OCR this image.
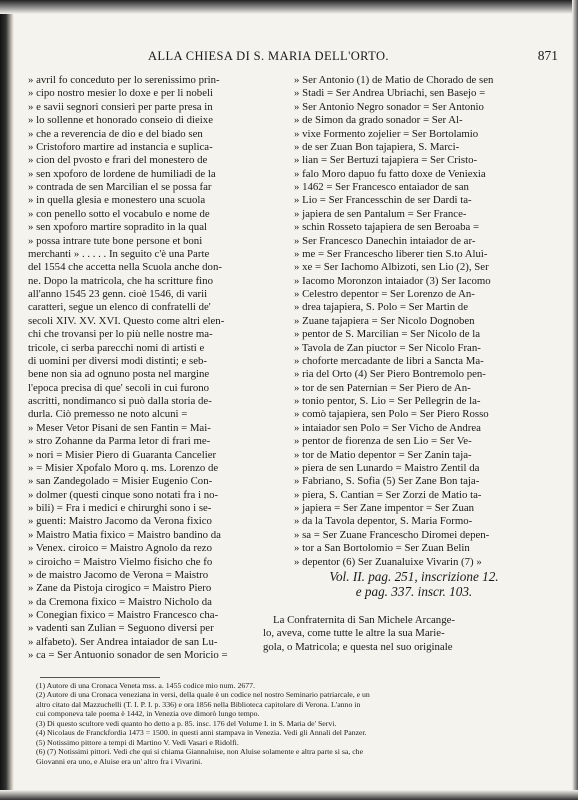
ALLA CHIESA DI S. MARIA DELL'ORTO.	871
» avril fo conceduto per lo serenissimo prin-
» cipo nostro mesier lo doxe e per li nobeli
» e savii segnori consieri per parte presa in
» lo sollenne et honorado conseio di dieixe
» che a reverencia de dio e del biado sen
» Cristoforo martire ad instancia e suplica-
» cion del pvosto e frari del monestero de
» sen xpoforo de lordene de humiliadi de la
» contrada de sen Marcilian el se possa far
» in quella glesia e monestero una scuola
» con penello sotto el vocabulo e nome de
» sen xpoforo martire sopradito in la qual
» possa intrare tute bone persone et boni
merchanti » . . . . . In seguito c'è una Parte
del 1554 che accetta nella Scuola anche don-
ne. Dopo la matricola, che ha scritture fino
all'anno 1545 23 genn. cioè 1546, di varii
caratteri, segue un elenco di confratelli de'
secoli XIV. XV. XVI. Questo come altri elen-
chi che trovansi per lo più nelle nostre ma-
tricole, ci serba parecchi nomi di artisti e
di uomini per diversi modi distinti; e seb-
bene non sia ad ognuno posta nel margine
l'epoca precisa di que' secoli in cui furono
ascritti, nondimanco si può dalla storia de-
durla. Ciò premesso ne noto alcuni =
» Meser Vetor Pisani de sen Fantin = Mai-
» stro Zohanne da Parma letor di frari me-
» nori = Misier Piero di Guaranta Cancelier
» = Misier Xpofalo Moro q. ms. Lorenzo de
» san Zandegolado = Misier Eugenio Con-
» dolmer (questi cinque sono notati fra i no-
» bili) = Fra i medici e chirurghi sono i se-
» guenti: Maistro Jacomo da Verona fixico
» Maistro Matia fixico = Maistro bandino da
» Venex. ciroico = Maistro Agnolo da rezo
» ciroicho = Maistro Vielmo fisicho che fo
» de maistro Jacomo de Verona = Maistro
» Zane da Pistoja cirogico = Maistro Piero
» da Cremona fixico = Maistro Nicholo da
» Conegian fixico = Maistro Francesco cha-
» vadenti san Zulian = Seguono diversi per
» alfabeto). Ser Andrea intaiador de san Lu-
» ca = Ser Antuonio sonador de sen Moricio =
» Ser Antonio (1) de Matio de Chorado de sen
» Stadi = Ser Andrea Ubriachi, sen Basejo =
» Ser Antonio Negro sonador = Ser Antonio
» de Simon da grado sonador = Ser Al-
» vixe Formento zojelier = Ser Bortolamio
» de ser Zuan Bon tajapiera, S. Marci-
» lian = Ser Bertuzi tajapiera = Ser Cristo-
» falo Moro dapuo fu fatto doxe de Veniexia
» 1462 = Ser Francesco entaiador de san
» Lio = Ser Francesschin de ser Dardi ta-
» japiera de sen Pantalum = Ser France-
» schin Rosseto tajapiera de sen Beroaba =
» Ser Francesco Danechin intaiador de ar-
» me = Ser Francescho liberer tien S.to Aluì-
» xe = Ser Iachomo Albizoti, sen Lio (2), Ser
» Iacomo Moronzon intaiador (3) Ser Iacomo
» Celestro depentor = Ser Lorenzo de An-
» drea tajapiera, S. Polo = Ser Martin de
» Zuane tajapiera = Ser Nicolo Dognoben
» pentor de S. Marcilian = Ser Nicolo de la
» Tavola de Zan piuctor = Ser Nicolo Fran-
» choforte mercadante de libri a Sancta Ma-
» ria del Orto (4) Ser Piero Bontremolo pen-
» tor de sen Paternian = Ser Piero de An-
» tonio pentor, S. Lio = Ser Pellegrin de la-
» comò tajapiera, sen Polo = Ser Piero Rosso
» intaiador sen Polo = Ser Vicho de Andrea
» pentor de fiorenza de sen Lio = Ser Ve-
» tor de Matio depentor = Ser Zanin taja-
» piera de sen Lunardo = Maistro Zentil da
» Fabriano, S. Sofia (5) Ser Zane Bon taja-
» piera, S. Cantian = Ser Zorzi de Matio ta-
» japiera = Ser Zane impentor = Ser Zuan
» da la Tavola depentor, S. Maria Formo-
» sa = Ser Zuane Francescho Diromei depen-
» tor a San Bortolomio = Ser Zuan Belin
» depentor (6) Ser Zuanaluixe Vivarin (7) »
Vol. II. pag. 251, inscrizione 12.
e pag. 337. inscr. 103.
La Confraternita di San Michele Arcange-
lo, aveva, come tutte le altre la sua Marie-
gola, o Matricola; e questa nel suo originale
(1) Autore di una Cronaca Veneta mss. a. 1455 codice mio num. 2677.
(2) Autore di una Cronaca veneziana in versi, della quale è un codice nel nostro Seminario patriarcale, e un
altro citato dal Mazzuchelli (T. I. P. I. p. 336) e ora 1856 nella Biblioteca capitolare di Verona. L'anno in
cui componeva tale poema è 1442, in Venezia ove dimorò lungo tempo.
(3) Di questo scultore vedi quanto ho detto a p. 85. insc. 176 del Volume I. in S. Maria de' Servi.
(4) Nicolaus de Franckfordia 1473 = 1500. in questi anni stampava in Venezia. Vedi gli Annali del Panzer.
(5) Notissimo pittore a tempi di Martino V. Vedi Vasari e Ridolfi.
(6) (7) Notissimi pittori. Vedi che qui si chiama Giannaluise, non Aluise solamente e altra parte si sa, che
Giovanni era uno, e Aluise era un' altro fra i Vivarini.
